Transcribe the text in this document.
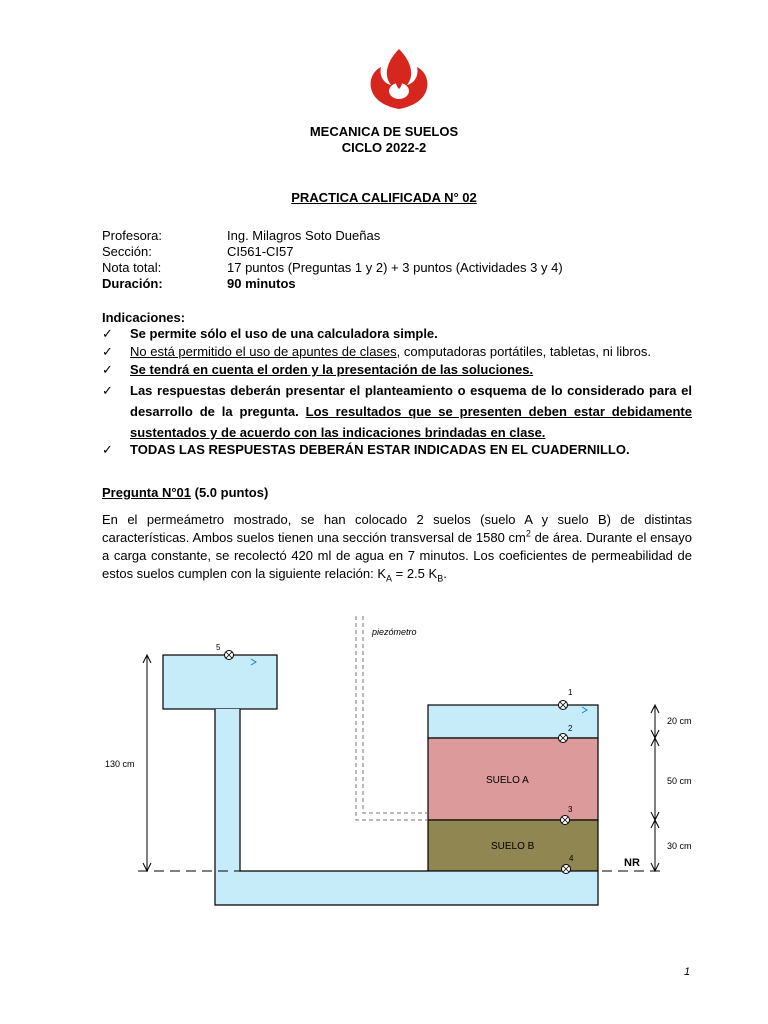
MECANICA DE SUELOS
CICLO 2022-2
PRACTICA CALIFICADA N° 02
Profesora:	Ing. Milagros Soto Dueñas
Sección:	CI561-CI57
Nota total:	17 puntos (Preguntas 1 y 2) + 3 puntos (Actividades 3 y 4)
Duración:	90 minutos
Indicaciones:
✓ Se permite sólo el uso de una calculadora simple.
✓ No está permitido el uso de apuntes de clases, computadoras portátiles, tabletas, ni libros.
✓ Se tendrá en cuenta el orden y la presentación de las soluciones.
✓ Las respuestas deberán presentar el planteamiento o esquema de lo considerado para el desarrollo de la pregunta. Los resultados que se presenten deben estar debidamente sustentados y de acuerdo con las indicaciones brindadas en clase.
✓ TODAS LAS RESPUESTAS DEBERÁN ESTAR INDICADAS EN EL CUADERNILLO.
Pregunta N°01 (5.0 puntos)
En el permeámetro mostrado, se han colocado 2 suelos (suelo A y suelo B) de distintas características. Ambos suelos tienen una sección transversal de 1580 $cm^2$ de área. Durante el ensayo a carga constante, se recolectó 420 ml de agua en 7 minutos. Los coeficientes de permeabilidad de estos suelos cumplen con la siguiente relación: $K_A = 2.5$ $K_B$.
piezómetro
SUELO A
SUELO B
NR
130 cm
20 cm
50 cm
30 cm
5
1
2
3
4
1
